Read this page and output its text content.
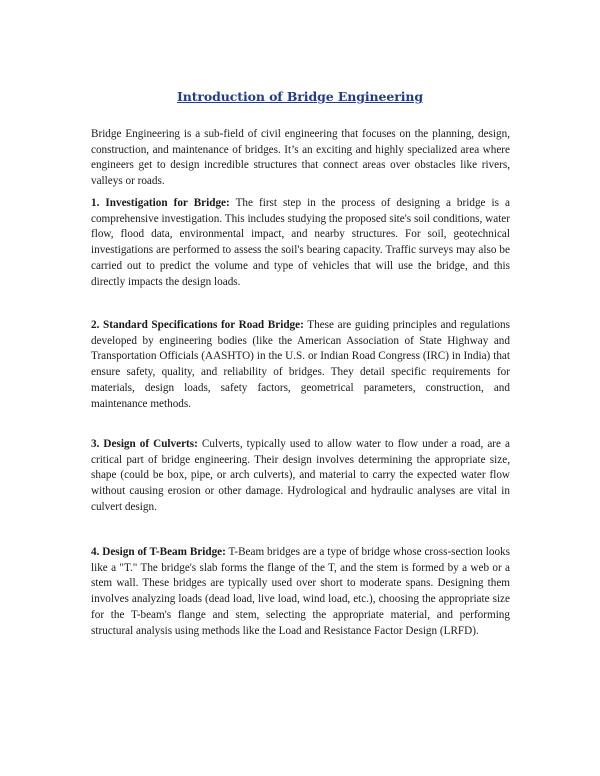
Introduction of Bridge Engineering

Bridge Engineering is a sub-field of civil engineering that focuses on the planning, design, construction, and maintenance of bridges. It’s an exciting and highly specialized area where engineers get to design incredible structures that connect areas over obstacles like rivers, valleys or roads.

1. Investigation for Bridge: The first step in the process of designing a bridge is a comprehensive investigation. This includes studying the proposed site's soil conditions, water flow, flood data, environmental impact, and nearby structures. For soil, geotechnical investigations are performed to assess the soil's bearing capacity. Traffic surveys may also be carried out to predict the volume and type of vehicles that will use the bridge, and this directly impacts the design loads.

2. Standard Specifications for Road Bridge: These are guiding principles and regulations developed by engineering bodies (like the American Association of State Highway and Transportation Officials (AASHTO) in the U.S. or Indian Road Congress (IRC) in India) that ensure safety, quality, and reliability of bridges. They detail specific requirements for materials, design loads, safety factors, geometrical parameters, construction, and maintenance methods.

3. Design of Culverts: Culverts, typically used to allow water to flow under a road, are a critical part of bridge engineering. Their design involves determining the appropriate size, shape (could be box, pipe, or arch culverts), and material to carry the expected water flow without causing erosion or other damage. Hydrological and hydraulic analyses are vital in culvert design.

4. Design of T-Beam Bridge: T-Beam bridges are a type of bridge whose cross-section looks like a "T." The bridge's slab forms the flange of the T, and the stem is formed by a web or a stem wall. These bridges are typically used over short to moderate spans. Designing them involves analyzing loads (dead load, live load, wind load, etc.), choosing the appropriate size for the T-beam's flange and stem, selecting the appropriate material, and performing structural analysis using methods like the Load and Resistance Factor Design (LRFD).
